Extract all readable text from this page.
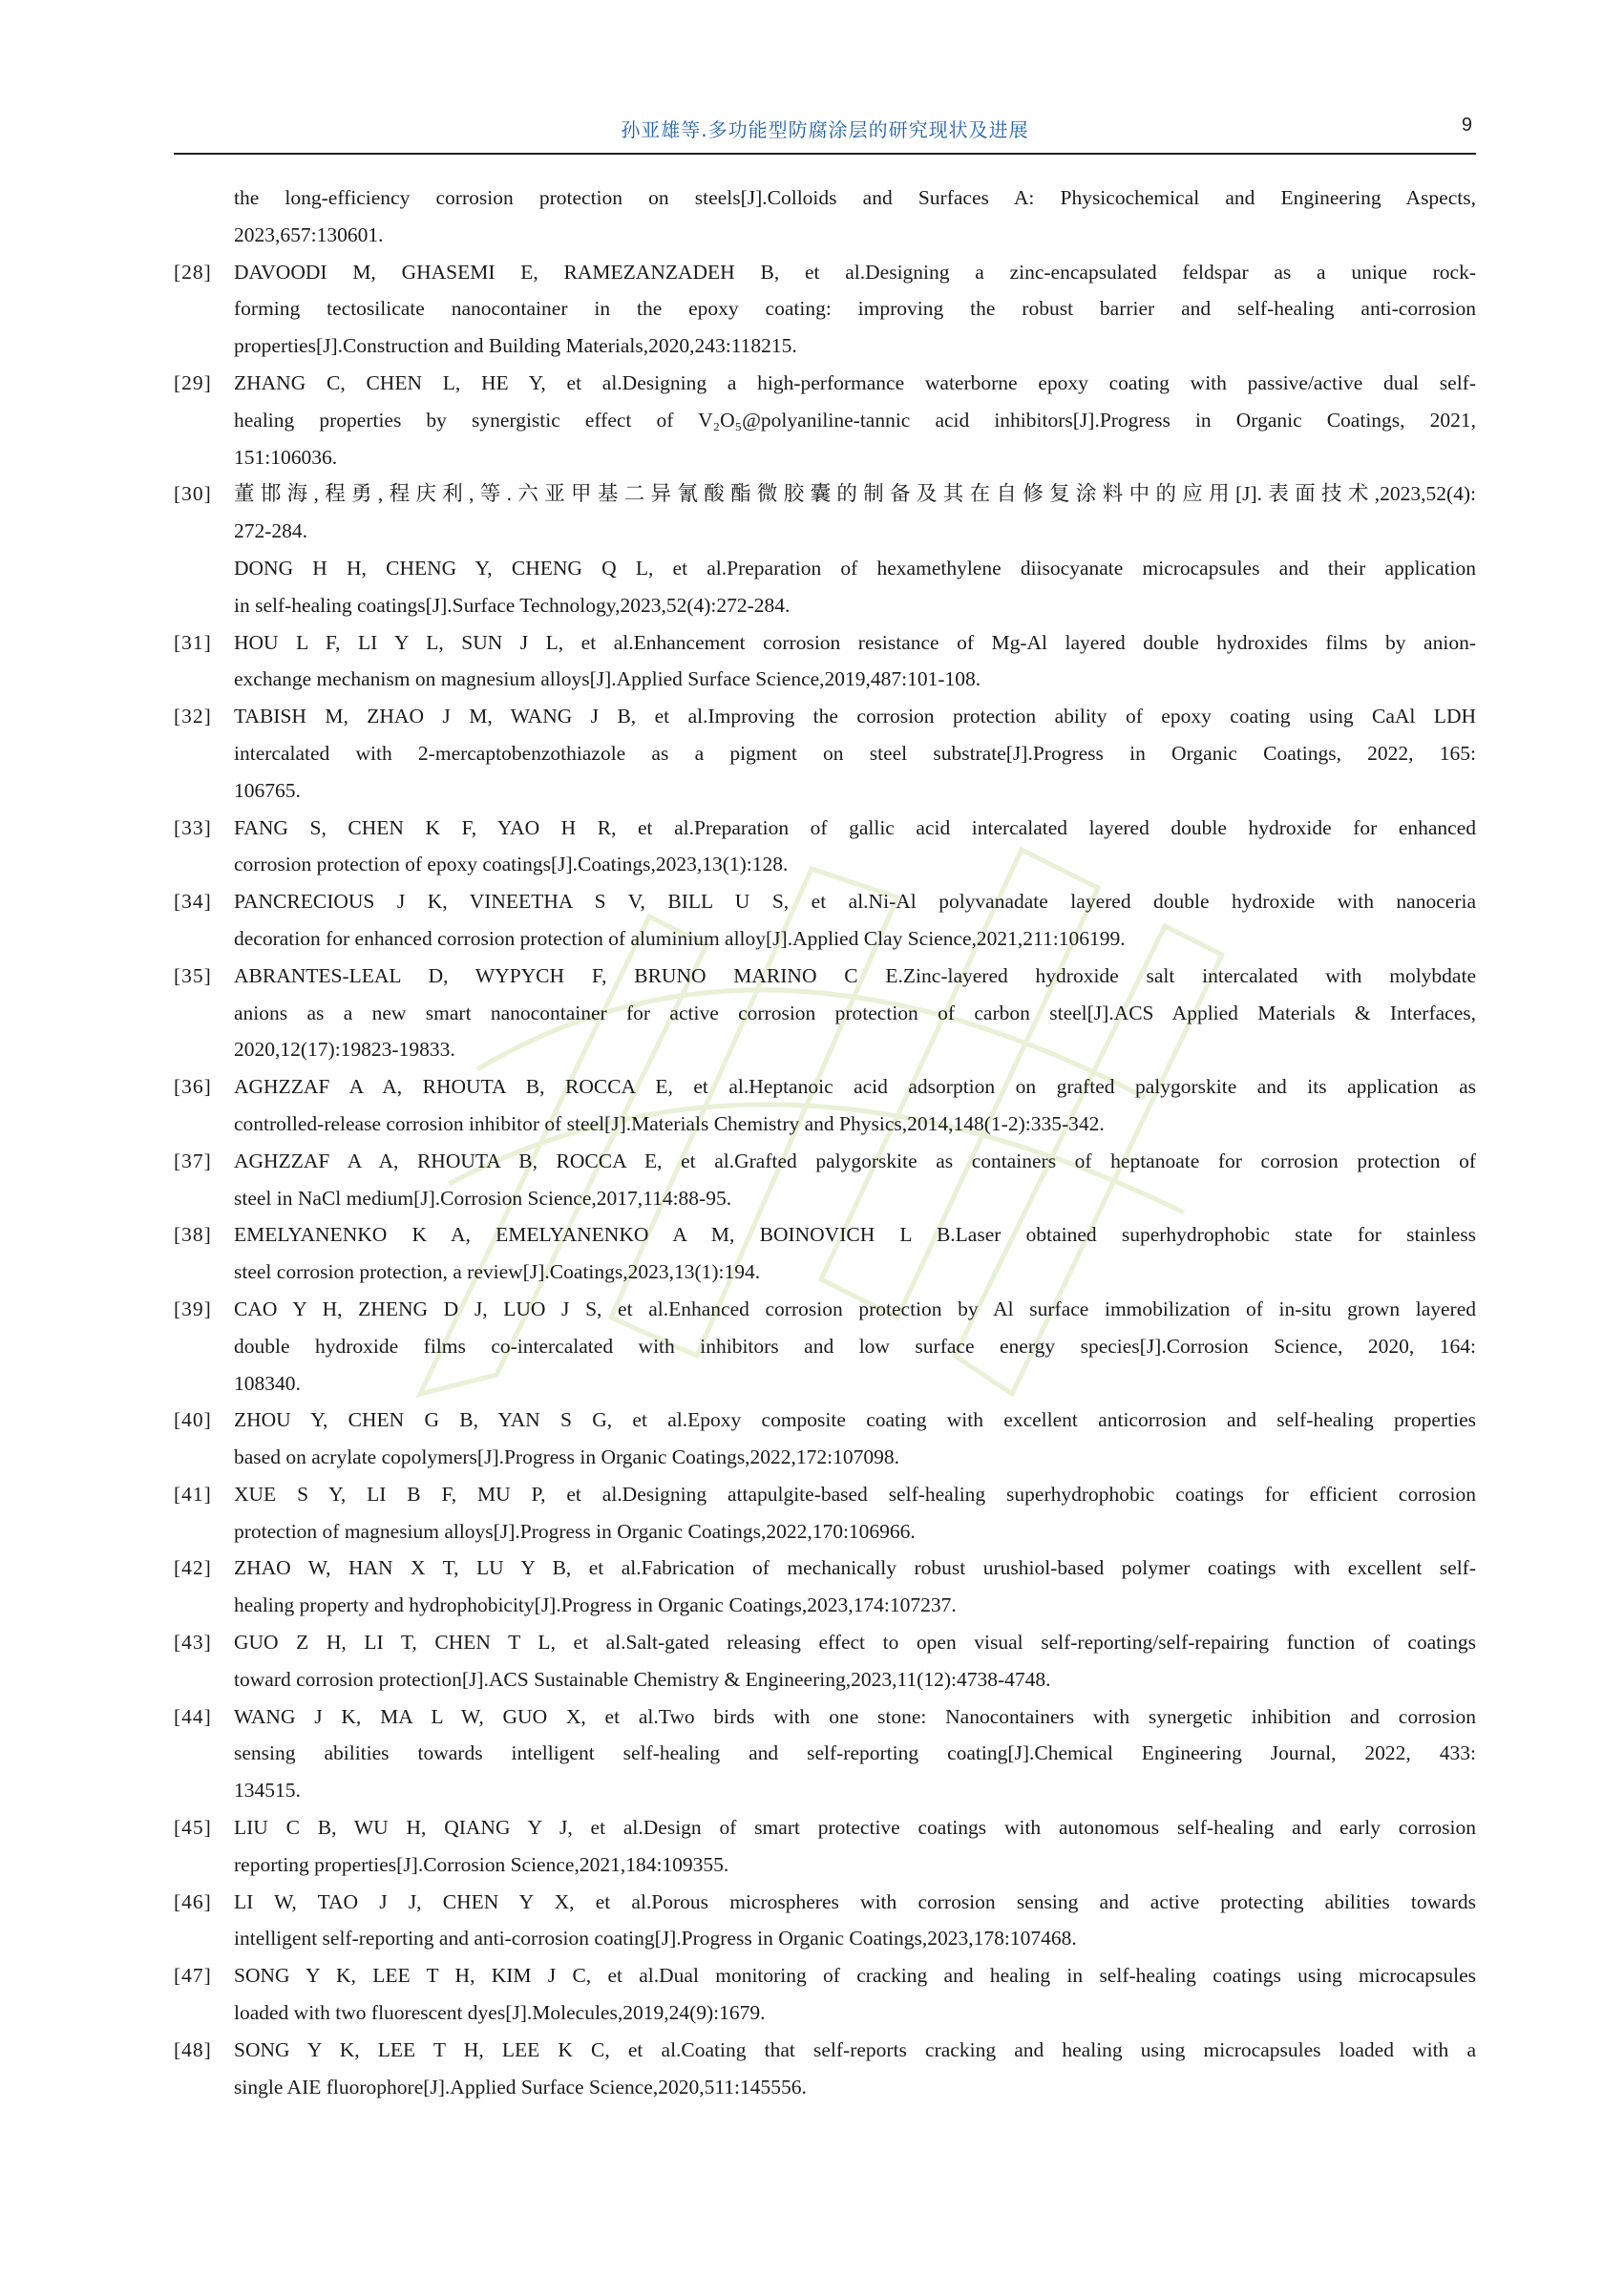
孙亚雄等.多功能型防腐涂层的研究现状及进展	9
the long-efficiency corrosion protection on steels[J].Colloids and Surfaces A: Physicochemical and Engineering Aspects,
2023,657:130601.
[28] DAVOODI M, GHASEMI E, RAMEZANZADEH B, et al.Designing a zinc-encapsulated feldspar as a unique rock-
forming tectosilicate nanocontainer in the epoxy coating: improving the robust barrier and self-healing anti-corrosion
properties[J].Construction and Building Materials,2020,243:118215.
[29] ZHANG C, CHEN L, HE Y, et al.Designing a high-performance waterborne epoxy coating with passive/active dual self-
healing properties by synergistic effect of V₂O₅@polyaniline-tannic acid inhibitors[J].Progress in Organic Coatings, 2021,
151:106036.
[30] 董邯海,程勇,程庆利,等.六亚甲基二异氰酸酯微胶囊的制备及其在自修复涂料中的应用[J].表面技术,2023,52(4):
272-284.
DONG H H, CHENG Y, CHENG Q L, et al.Preparation of hexamethylene diisocyanate microcapsules and their application
in self-healing coatings[J].Surface Technology,2023,52(4):272-284.
[31] HOU L F, LI Y L, SUN J L, et al.Enhancement corrosion resistance of Mg-Al layered double hydroxides films by anion-
exchange mechanism on magnesium alloys[J].Applied Surface Science,2019,487:101-108.
[32] TABISH M, ZHAO J M, WANG J B, et al.Improving the corrosion protection ability of epoxy coating using CaAl LDH
intercalated with 2-mercaptobenzothiazole as a pigment on steel substrate[J].Progress in Organic Coatings, 2022, 165:
106765.
[33] FANG S, CHEN K F, YAO H R, et al.Preparation of gallic acid intercalated layered double hydroxide for enhanced
corrosion protection of epoxy coatings[J].Coatings,2023,13(1):128.
[34] PANCRECIOUS J K, VINEETHA S V, BILL U S, et al.Ni-Al polyvanadate layered double hydroxide with nanoceria
decoration for enhanced corrosion protection of aluminium alloy[J].Applied Clay Science,2021,211:106199.
[35] ABRANTES-LEAL D, WYPYCH F, BRUNO MARINO C E.Zinc-layered hydroxide salt intercalated with molybdate
anions as a new smart nanocontainer for active corrosion protection of carbon steel[J].ACS Applied Materials & Interfaces,
2020,12(17):19823-19833.
[36] AGHZZAF A A, RHOUTA B, ROCCA E, et al.Heptanoic acid adsorption on grafted palygorskite and its application as
controlled-release corrosion inhibitor of steel[J].Materials Chemistry and Physics,2014,148(1-2):335-342.
[37] AGHZZAF A A, RHOUTA B, ROCCA E, et al.Grafted palygorskite as containers of heptanoate for corrosion protection of
steel in NaCl medium[J].Corrosion Science,2017,114:88-95.
[38] EMELYANENKO K A, EMELYANENKO A M, BOINOVICH L B.Laser obtained superhydrophobic state for stainless
steel corrosion protection, a review[J].Coatings,2023,13(1):194.
[39] CAO Y H, ZHENG D J, LUO J S, et al.Enhanced corrosion protection by Al surface immobilization of in-situ grown layered
double hydroxide films co-intercalated with inhibitors and low surface energy species[J].Corrosion Science, 2020, 164:
108340.
[40] ZHOU Y, CHEN G B, YAN S G, et al.Epoxy composite coating with excellent anticorrosion and self-healing properties
based on acrylate copolymers[J].Progress in Organic Coatings,2022,172:107098.
[41] XUE S Y, LI B F, MU P, et al.Designing attapulgite-based self-healing superhydrophobic coatings for efficient corrosion
protection of magnesium alloys[J].Progress in Organic Coatings,2022,170:106966.
[42] ZHAO W, HAN X T, LU Y B, et al.Fabrication of mechanically robust urushiol-based polymer coatings with excellent self-
healing property and hydrophobicity[J].Progress in Organic Coatings,2023,174:107237.
[43] GUO Z H, LI T, CHEN T L, et al.Salt-gated releasing effect to open visual self-reporting/self-repairing function of coatings
toward corrosion protection[J].ACS Sustainable Chemistry & Engineering,2023,11(12):4738-4748.
[44] WANG J K, MA L W, GUO X, et al.Two birds with one stone: Nanocontainers with synergetic inhibition and corrosion
sensing abilities towards intelligent self-healing and self-reporting coating[J].Chemical Engineering Journal, 2022, 433:
134515.
[45] LIU C B, WU H, QIANG Y J, et al.Design of smart protective coatings with autonomous self-healing and early corrosion
reporting properties[J].Corrosion Science,2021,184:109355.
[46] LI W, TAO J J, CHEN Y X, et al.Porous microspheres with corrosion sensing and active protecting abilities towards
intelligent self-reporting and anti-corrosion coating[J].Progress in Organic Coatings,2023,178:107468.
[47] SONG Y K, LEE T H, KIM J C, et al.Dual monitoring of cracking and healing in self-healing coatings using microcapsules
loaded with two fluorescent dyes[J].Molecules,2019,24(9):1679.
[48] SONG Y K, LEE T H, LEE K C, et al.Coating that self-reports cracking and healing using microcapsules loaded with a
single AIE fluorophore[J].Applied Surface Science,2020,511:145556.
